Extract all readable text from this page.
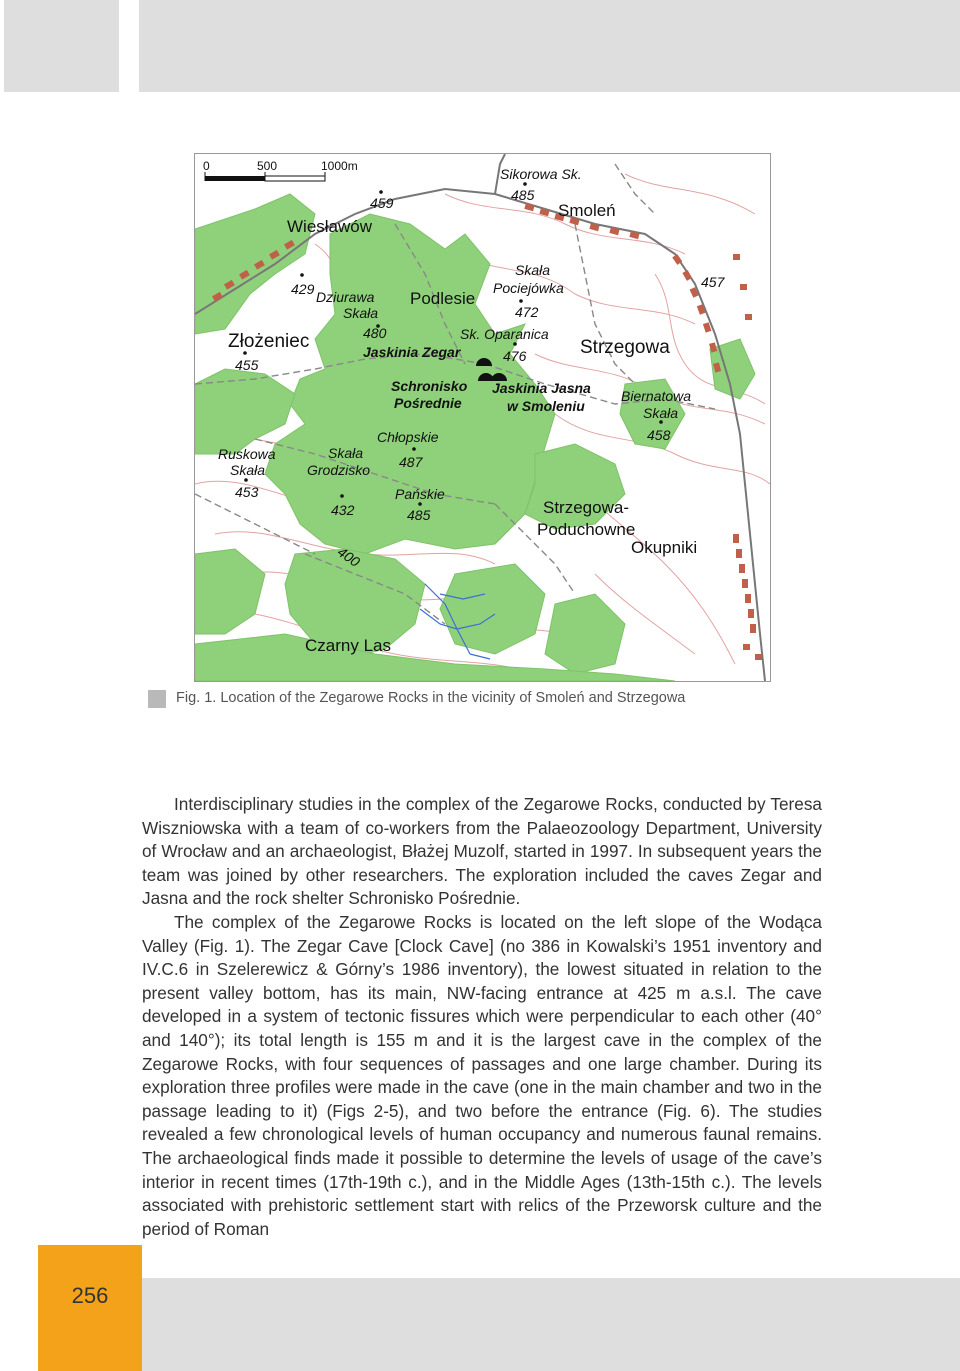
0	500	1000m
Wiesławów
Złożeniec
Podlesie
Smoleń
Strzegowa
Strzegowa-
Poduchowne
Okupniki
Czarny Las
Sikorowa Sk.
Skała
Pociejówka
Dziurawa
Skała
Sk. Oparanica
Biernatowa
Skała
Ruskowa
Skała
Skała
Grodzisko
Chłopskie
Pańskie
Jaskinia Zegar
Schronisko
Pośrednie
Jaskinia Jasna
w Smoleniu
459	485
457
429
472
480
476
455
458
487
453
432	485
400
Fig. 1. Location of the Zegarowe Rocks in the vicinity of Smoleń and Strzegowa

Interdisciplinary studies in the complex of the Zegarowe Rocks, conducted by Teresa Wiszniowska with a team of co-workers from the Palaeozoology Department, University of Wrocław and an archaeologist, Błażej Muzolf, started in 1997. In subsequent years the team was joined by other researchers. The exploration included the caves Zegar and Jasna and the rock shelter Schronisko Pośrednie.

The complex of the Zegarowe Rocks is located on the left slope of the Wodąca Valley (Fig. 1). The Zegar Cave [Clock Cave] (no 386 in Kowalski’s 1951 inventory and IV.C.6 in Szelerewicz & Górny’s 1986 inventory), the lowest situated in relation to the present valley bottom, has its main, NW-facing entrance at 425 m a.s.l. The cave developed in a system of tectonic fissures which were perpendicular to each other (40° and 140°); its total length is 155 m and it is the largest cave in the complex of the Zegarowe Rocks, with four sequences of passages and one large chamber. During its exploration three profiles were made in the cave (one in the main chamber and two in the passage leading to it) (Figs 2-5), and two before the entrance (Fig. 6). The studies revealed a few chronological levels of human occupancy and numerous faunal remains. The archaeological finds made it possible to determine the levels of usage of the cave’s interior in recent times (17th-19th c.), and in the Middle Ages (13th-15th c.). The levels associated with prehistoric settlement start with relics of the Przeworsk culture and the period of Roman

256
